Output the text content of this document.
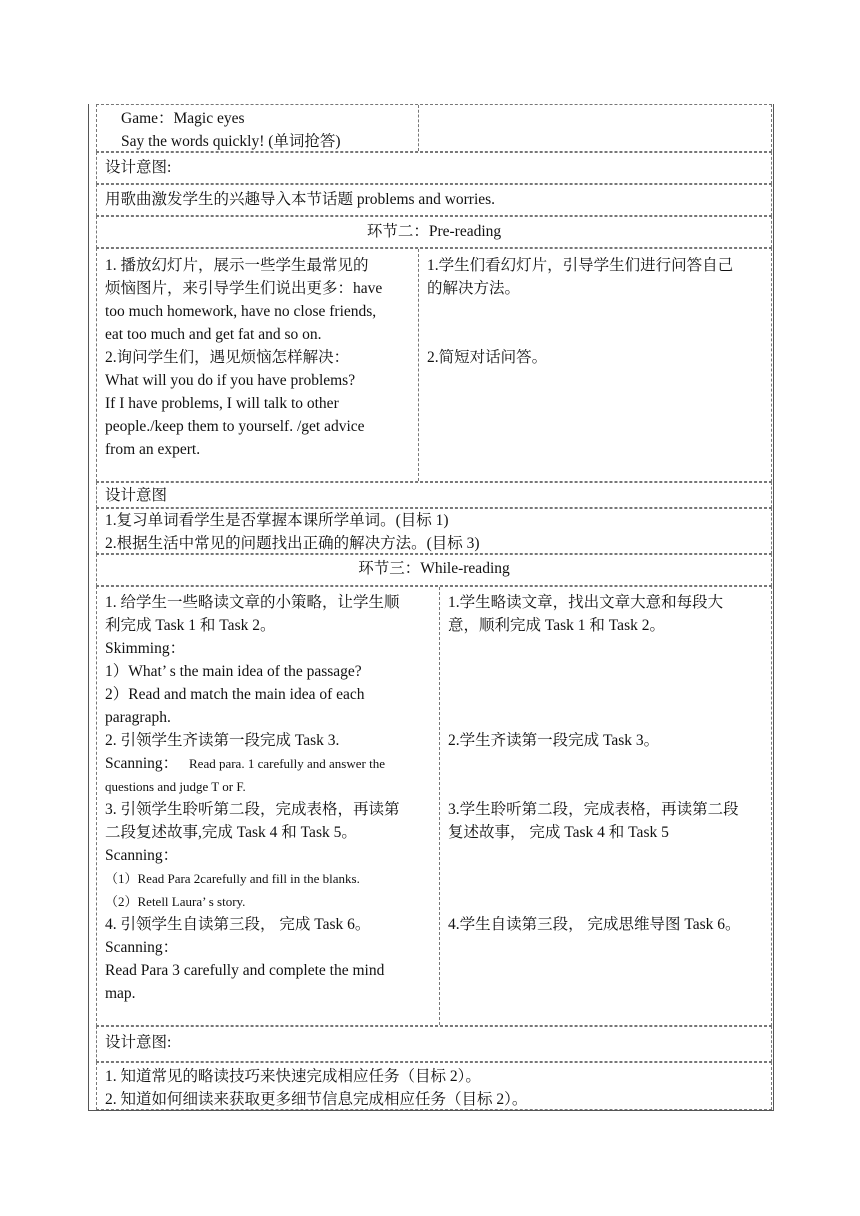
Game：Magic eyes
Say the words quickly! (单词抢答)
设计意图:
用歌曲激发学生的兴趣导入本节话题 problems and worries.
环节二：Pre-reading
1. 播放幻灯片，展示一些学生最常见的
烦恼图片，来引导学生们说出更多：have
too much homework, have no close friends,
eat too much and get fat and so on.
2.询问学生们，遇见烦恼怎样解决：
What will you do if you have problems?
If I have problems, I will talk to other
people./keep them to yourself. /get advice
from an expert.
1.学生们看幻灯片，引导学生们进行问答自己
的解决方法。
2.简短对话问答。
设计意图
1.复习单词看学生是否掌握本课所学单词。(目标 1)
2.根据生活中常见的问题找出正确的解决方法。(目标 3)
环节三：While-reading
1. 给学生一些略读文章的小策略，让学生顺
利完成 Task 1 和 Task 2。
Skimming：
1）What’ s the main idea of the passage?
2）Read and match the main idea of each
paragraph.
2. 引领学生齐读第一段完成 Task 3.
Scanning： Read para. 1 carefully and answer the
questions and judge T or F.
3. 引领学生聆听第二段，完成表格，再读第
二段复述故事,完成 Task 4 和 Task 5。
Scanning：
（1）Read Para 2carefully and fill in the blanks.
（2）Retell Laura’ s story.
4. 引领学生自读第三段， 完成 Task 6。
Scanning：
Read Para 3 carefully and complete the mind
map.
1.学生略读文章，找出文章大意和每段大
意，顺利完成 Task 1 和 Task 2。
2.学生齐读第一段完成 Task 3。
3.学生聆听第二段，完成表格，再读第二段
复述故事， 完成 Task 4 和 Task 5
4.学生自读第三段， 完成思维导图 Task 6。
设计意图:
1. 知道常见的略读技巧来快速完成相应任务（目标 2）。
2. 知道如何细读来获取更多细节信息完成相应任务（目标 2）。
